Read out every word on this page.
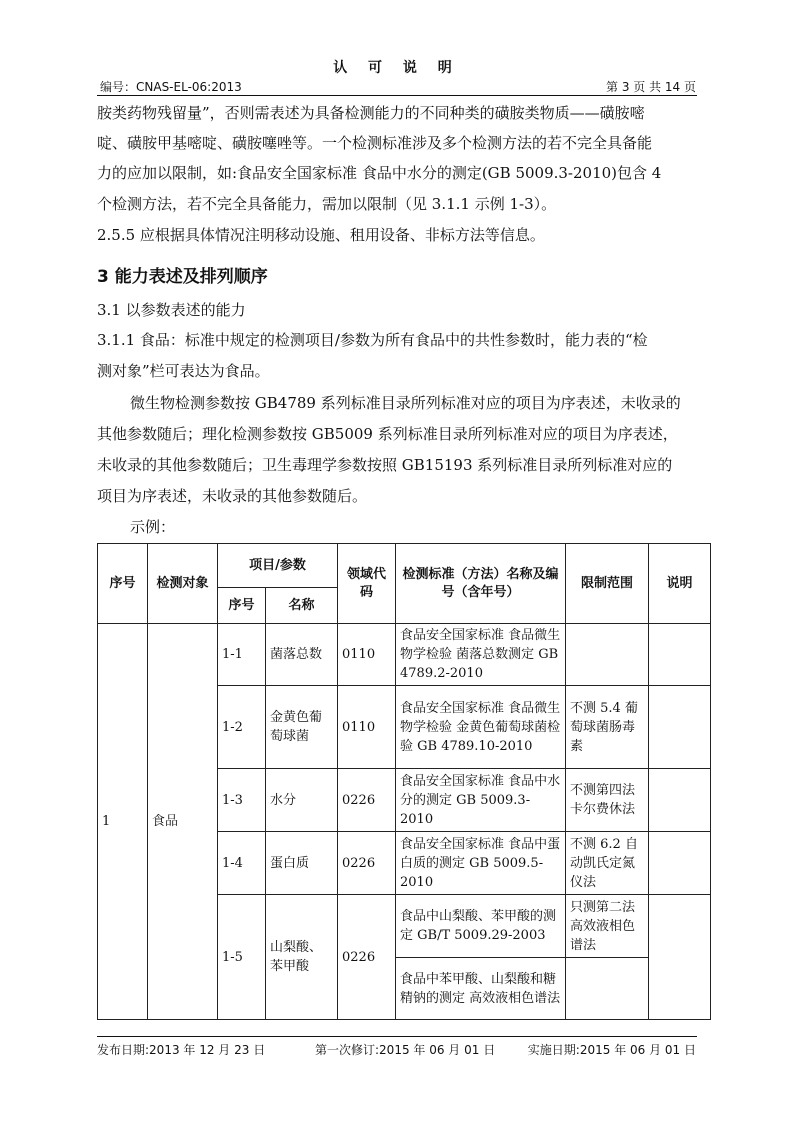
认 可 说 明
编号：CNAS-EL-06:2013	第 3 页 共 14 页
胺类药物残留量”，否则需表述为具备检测能力的不同种类的磺胺类物质——磺胺嘧
啶、磺胺甲基嘧啶、磺胺噻唑等。一个检测标准涉及多个检测方法的若不完全具备能
力的应加以限制，如:食品安全国家标准 食品中水分的测定(GB 5009.3-2010)包含 4
个检测方法，若不完全具备能力，需加以限制（见 3.1.1 示例 1-3）。
2.5.5 应根据具体情况注明移动设施、租用设备、非标方法等信息。
3 能力表述及排列顺序
3.1 以参数表述的能力
3.1.1 食品：标准中规定的检测项目/参数为所有食品中的共性参数时，能力表的“检
测对象”栏可表达为食品。
微生物检测参数按 GB4789 系列标准目录所列标准对应的项目为序表述，未收录的
其他参数随后；理化检测参数按 GB5009 系列标准目录所列标准对应的项目为序表述，
未收录的其他参数随后；卫生毒理学参数按照 GB15193 系列标准目录所列标准对应的
项目为序表述，未收录的其他参数随后。
示例：
序号	检测对象	项目/参数		领域代码	检测标准（方法）名称及编号（含年号）	限制范围	说明
		序号	名称				
1	食品	1-1	菌落总数	0110	食品安全国家标准 食品微生物学检验 菌落总数测定 GB 4789.2-2010		
		1-2	金黄色葡萄球菌	0110	食品安全国家标准 食品微生物学检验 金黄色葡萄球菌检验 GB 4789.10-2010	不测 5.4 葡萄球菌肠毒素	
		1-3	水分	0226	食品安全国家标准 食品中水分的测定 GB 5009.3-2010	不测第四法 卡尔费休法	
		1-4	蛋白质	0226	食品安全国家标准 食品中蛋白质的测定 GB 5009.5-2010	不测 6.2 自动凯氏定氮仪法	
		1-5	山梨酸、苯甲酸	0226	食品中山梨酸、苯甲酸的测定 GB/T 5009.29-2003	只测第二法 高效液相色谱法	
					食品中苯甲酸、山梨酸和糖精钠的测定 高效液相色谱法		
发布日期:2013 年 12 月 23 日	第一次修订:2015 年 06 月 01 日	实施日期:2015 年 06 月 01 日
